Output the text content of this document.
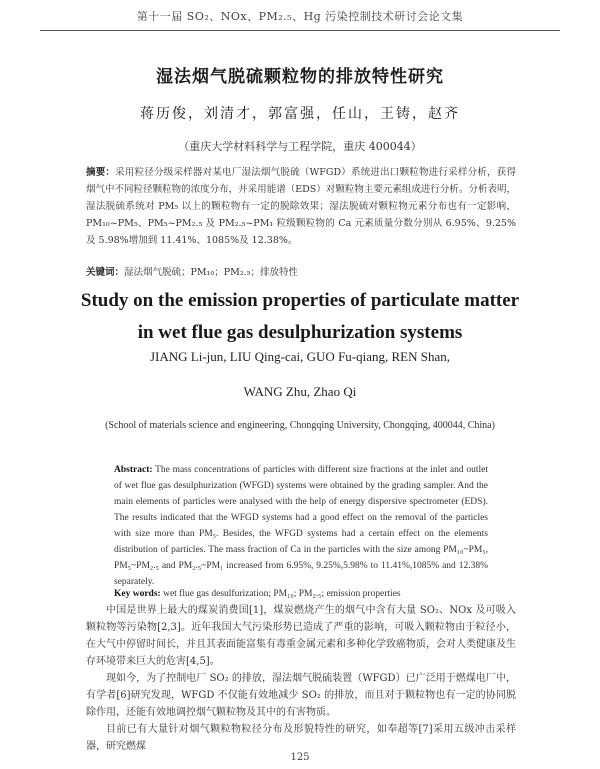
第十一届 SO₂、NOx、PM₂.₅、Hg 污染控制技术研讨会论文集
湿法烟气脱硫颗粒物的排放特性研究
蒋历俊，刘清才，郭富强，任山，王铸，赵齐
（重庆大学材料科学与工程学院，重庆 400044）
摘要：采用粒径分级采样器对某电厂湿法烟气脱硫（WFGD）系统进出口颗粒物进行采样分析，获得烟气中不同粒径颗粒物的浓度分布，并采用能谱（EDS）对颗粒物主要元素组成进行分析。分析表明，湿法脱硫系统对 PM₅ 以上的颗粒物有一定的脱除效果；湿法脱硫对颗粒物元素分布也有一定影响，PM₁₀~PM₅、PM₅~PM₂.₅ 及 PM₂.₅~PM₁ 粒级颗粒物的 Ca 元素质量分数分别从 6.95%、9.25%及 5.98%增加到 11.41%、1085%及 12.38%。
关键词：湿法烟气脱硫；PM₁₀；PM₂.₅；排放特性
Study on the emission properties of particulate matter
in wet flue gas desulphurization systems
JIANG Li-jun, LIU Qing-cai, GUO Fu-qiang, REN Shan,
WANG Zhu, Zhao Qi
(School of materials science and engineering, Chongqing University, Chongqing, 400044, China)
Abstract: The mass concentrations of particles with different size fractions at the inlet and outlet of wet flue gas desulphurization (WFGD) systems were obtained by the grading sampler. And the main elements of particles were analysed with the help of energy dispersive spectrometer (EDS). The results indicated that the WFGD systems had a good effect on the removal of the particles with size more than PM₅. Besides, the WFGD systems had a certain effect on the elements distribution of particles. The mass fraction of Ca in the particles with the size among PM₁₀~PM₅, PM₅~PM₂.₅ and PM₂.₅~PM₁ increased from 6.95%, 9.25%,5.98% to 11.41%,1085% and 12.38% separately.
Key words: wet flue gas desulfurization; PM₁₀; PM₂.₅; emission properties

中国是世界上最大的煤炭消费国[1]，煤炭燃烧产生的烟气中含有大量 SO₂、NOx 及可吸入颗粒物等污染物[2,3]。近年我国大气污染形势已造成了严重的影响，可吸入颗粒物由于粒径小，在大气中停留时间长，并且其表面能富集有毒重金属元素和多种化学致癌物质，会对人类健康及生存环境带来巨大的危害[4,5]。

现如今，为了控制电厂 SO₂ 的排放，湿法烟气脱硫装置（WFGD）已广泛用于燃煤电厂中，有学者[6]研究发现，WFGD 不仅能有效地减少 SO₂ 的排放，而且对于颗粒物也有一定的协同脱除作用，还能有效地调控烟气颗粒物及其中的有害物质。

目前已有大量针对烟气颗粒物粒径分布及形貌特性的研究，如奉超等[7]采用五级冲击采样器，研究燃煤

125
